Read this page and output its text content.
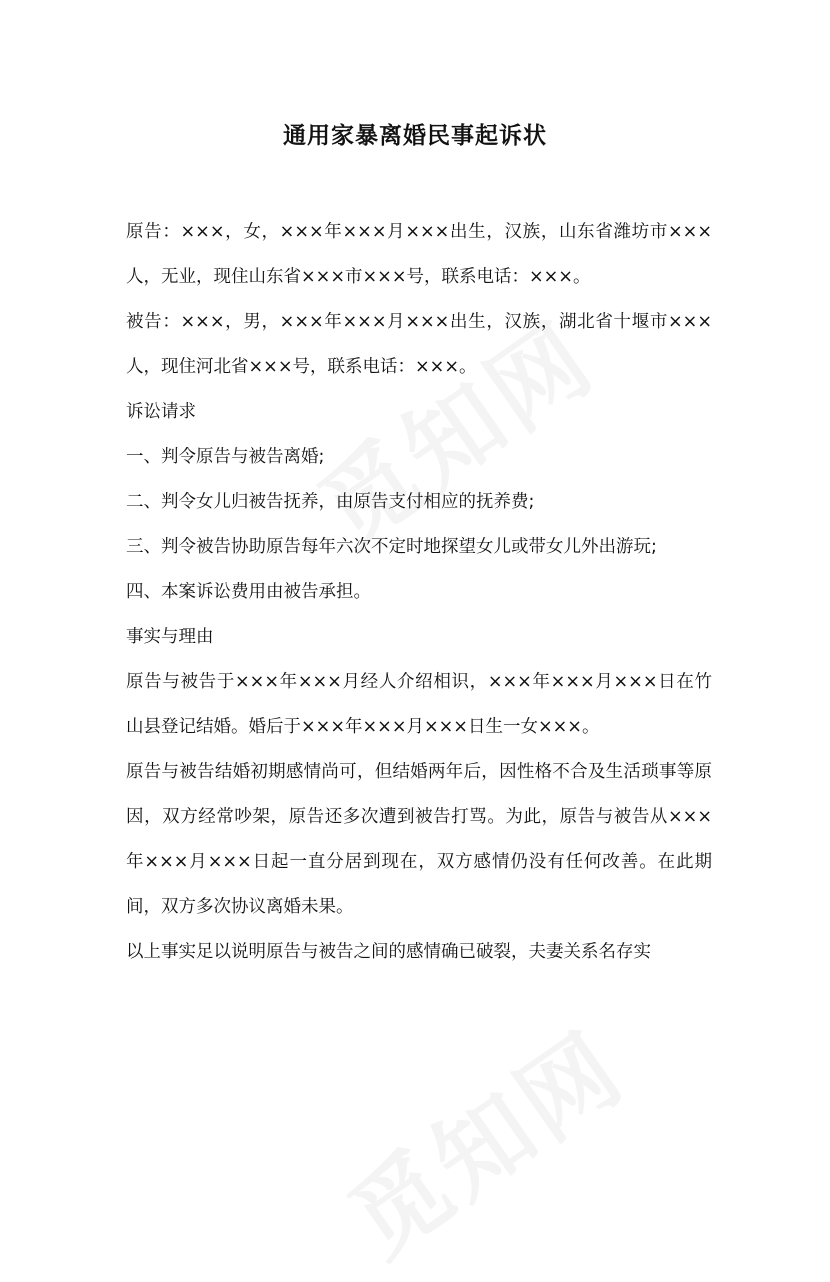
通用家暴离婚民事起诉状

原告：×××，女，×××年×××月×××出生，汉族，山东省潍坊市×××人，无业，现住山东省×××市×××号，联系电话：×××。

被告：×××，男，×××年×××月×××出生，汉族，湖北省十堰市×××人，现住河北省×××号，联系电话：×××。

诉讼请求

一、判令原告与被告离婚;

二、判令女儿归被告抚养，由原告支付相应的抚养费;

三、判令被告协助原告每年六次不定时地探望女儿或带女儿外出游玩;

四、本案诉讼费用由被告承担。

事实与理由

原告与被告于×××年×××月经人介绍相识，×××年×××月×××日在竹山县登记结婚。婚后于×××年×××月×××日生一女×××。

原告与被告结婚初期感情尚可，但结婚两年后，因性格不合及生活琐事等原因，双方经常吵架，原告还多次遭到被告打骂。为此，原告与被告从×××年×××月×××日起一直分居到现在，双方感情仍没有任何改善。在此期间，双方多次协议离婚未果。

以上事实足以说明原告与被告之间的感情确已破裂，夫妻关系名存实
